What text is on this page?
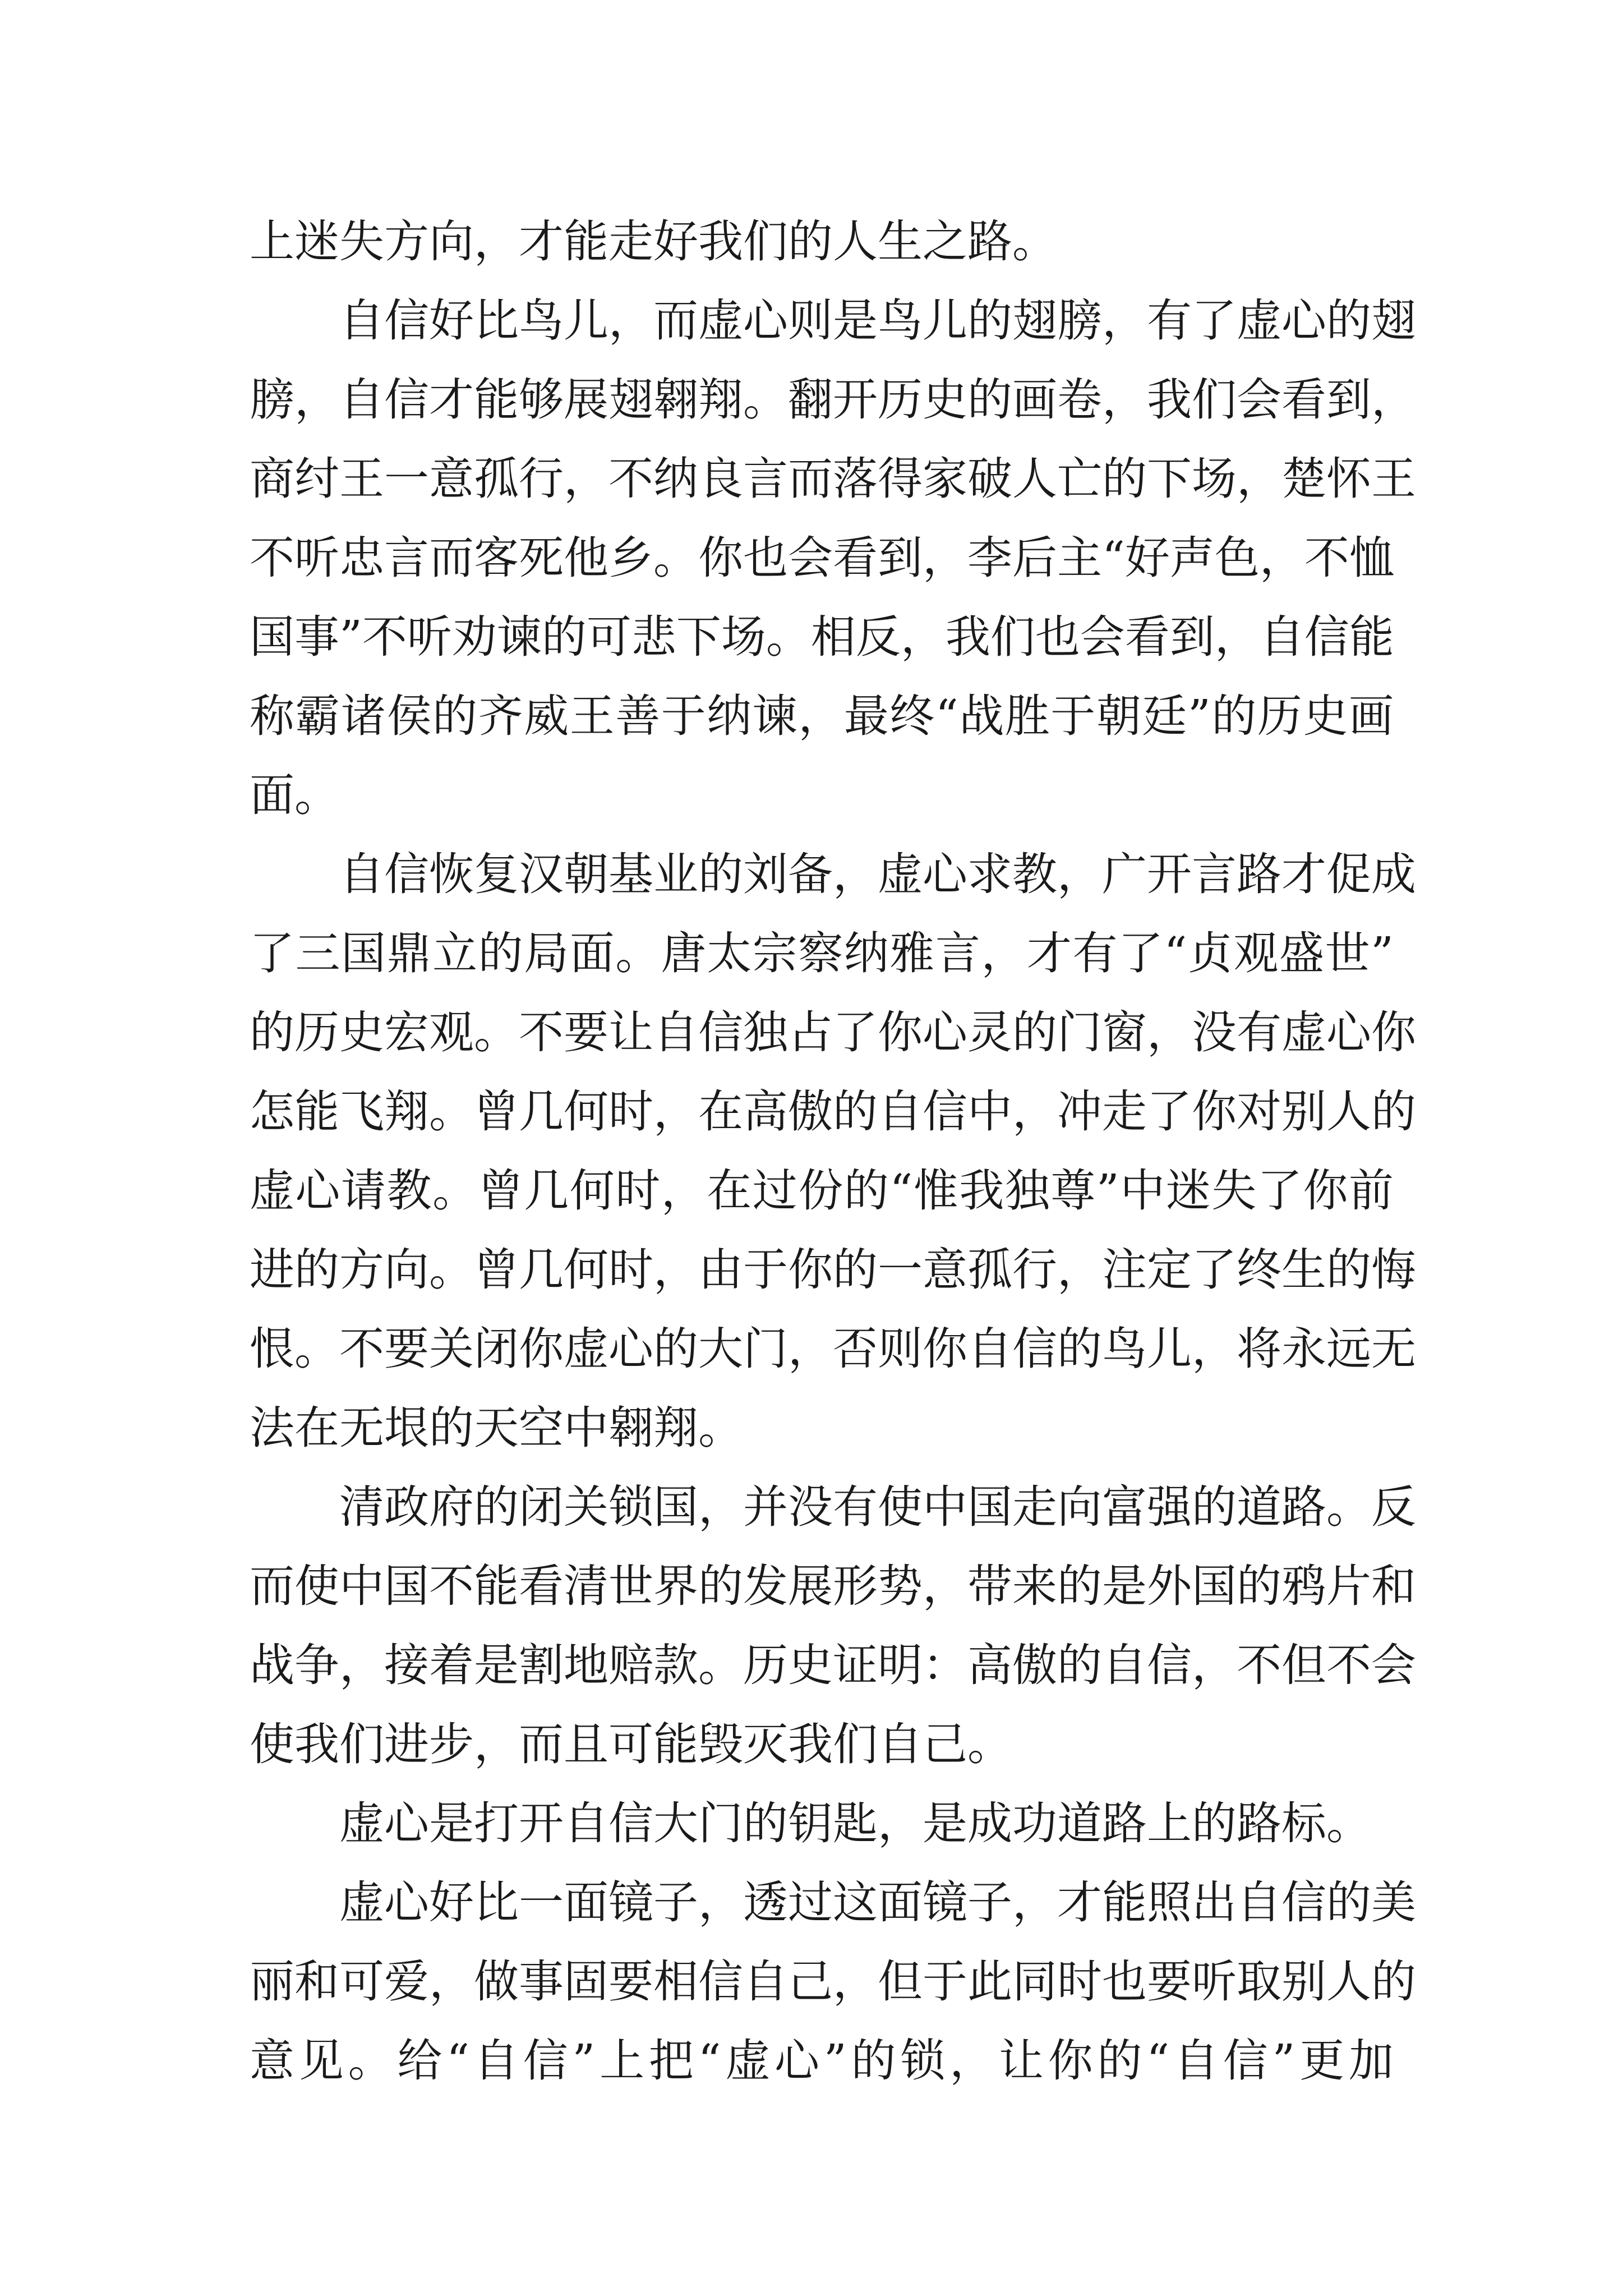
上迷失方向，才能走好我们的人生之路。
自信好比鸟儿，而虚心则是鸟儿的翅膀，有了虚心的翅
膀，自信才能够展翅翱翔。翻开历史的画卷，我们会看到，
商纣王一意孤行，不纳良言而落得家破人亡的下场，楚怀王
不听忠言而客死他乡。你也会看到，李后主“好声色，不恤
国事”不听劝谏的可悲下场。相反，我们也会看到，自信能
称霸诸侯的齐威王善于纳谏，最终“战胜于朝廷”的历史画
面。
自信恢复汉朝基业的刘备，虚心求教，广开言路才促成
了三国鼎立的局面。唐太宗察纳雅言，才有了“贞观盛世”
的历史宏观。不要让自信独占了你心灵的门窗，没有虚心你
怎能飞翔。曾几何时，在高傲的自信中，冲走了你对别人的
虚心请教。曾几何时，在过份的“惟我独尊”中迷失了你前
进的方向。曾几何时，由于你的一意孤行，注定了终生的悔
恨。不要关闭你虚心的大门，否则你自信的鸟儿，将永远无
法在无垠的天空中翱翔。
清政府的闭关锁国，并没有使中国走向富强的道路。反
而使中国不能看清世界的发展形势，带来的是外国的鸦片和
战争，接着是割地赔款。历史证明：高傲的自信，不但不会
使我们进步，而且可能毁灭我们自己。
虚心是打开自信大门的钥匙，是成功道路上的路标。
虚心好比一面镜子，透过这面镜子，才能照出自信的美
丽和可爱，做事固要相信自己，但于此同时也要听取别人的
意见。给“自信”上把“虚心”的锁，让你的“自信”更加
